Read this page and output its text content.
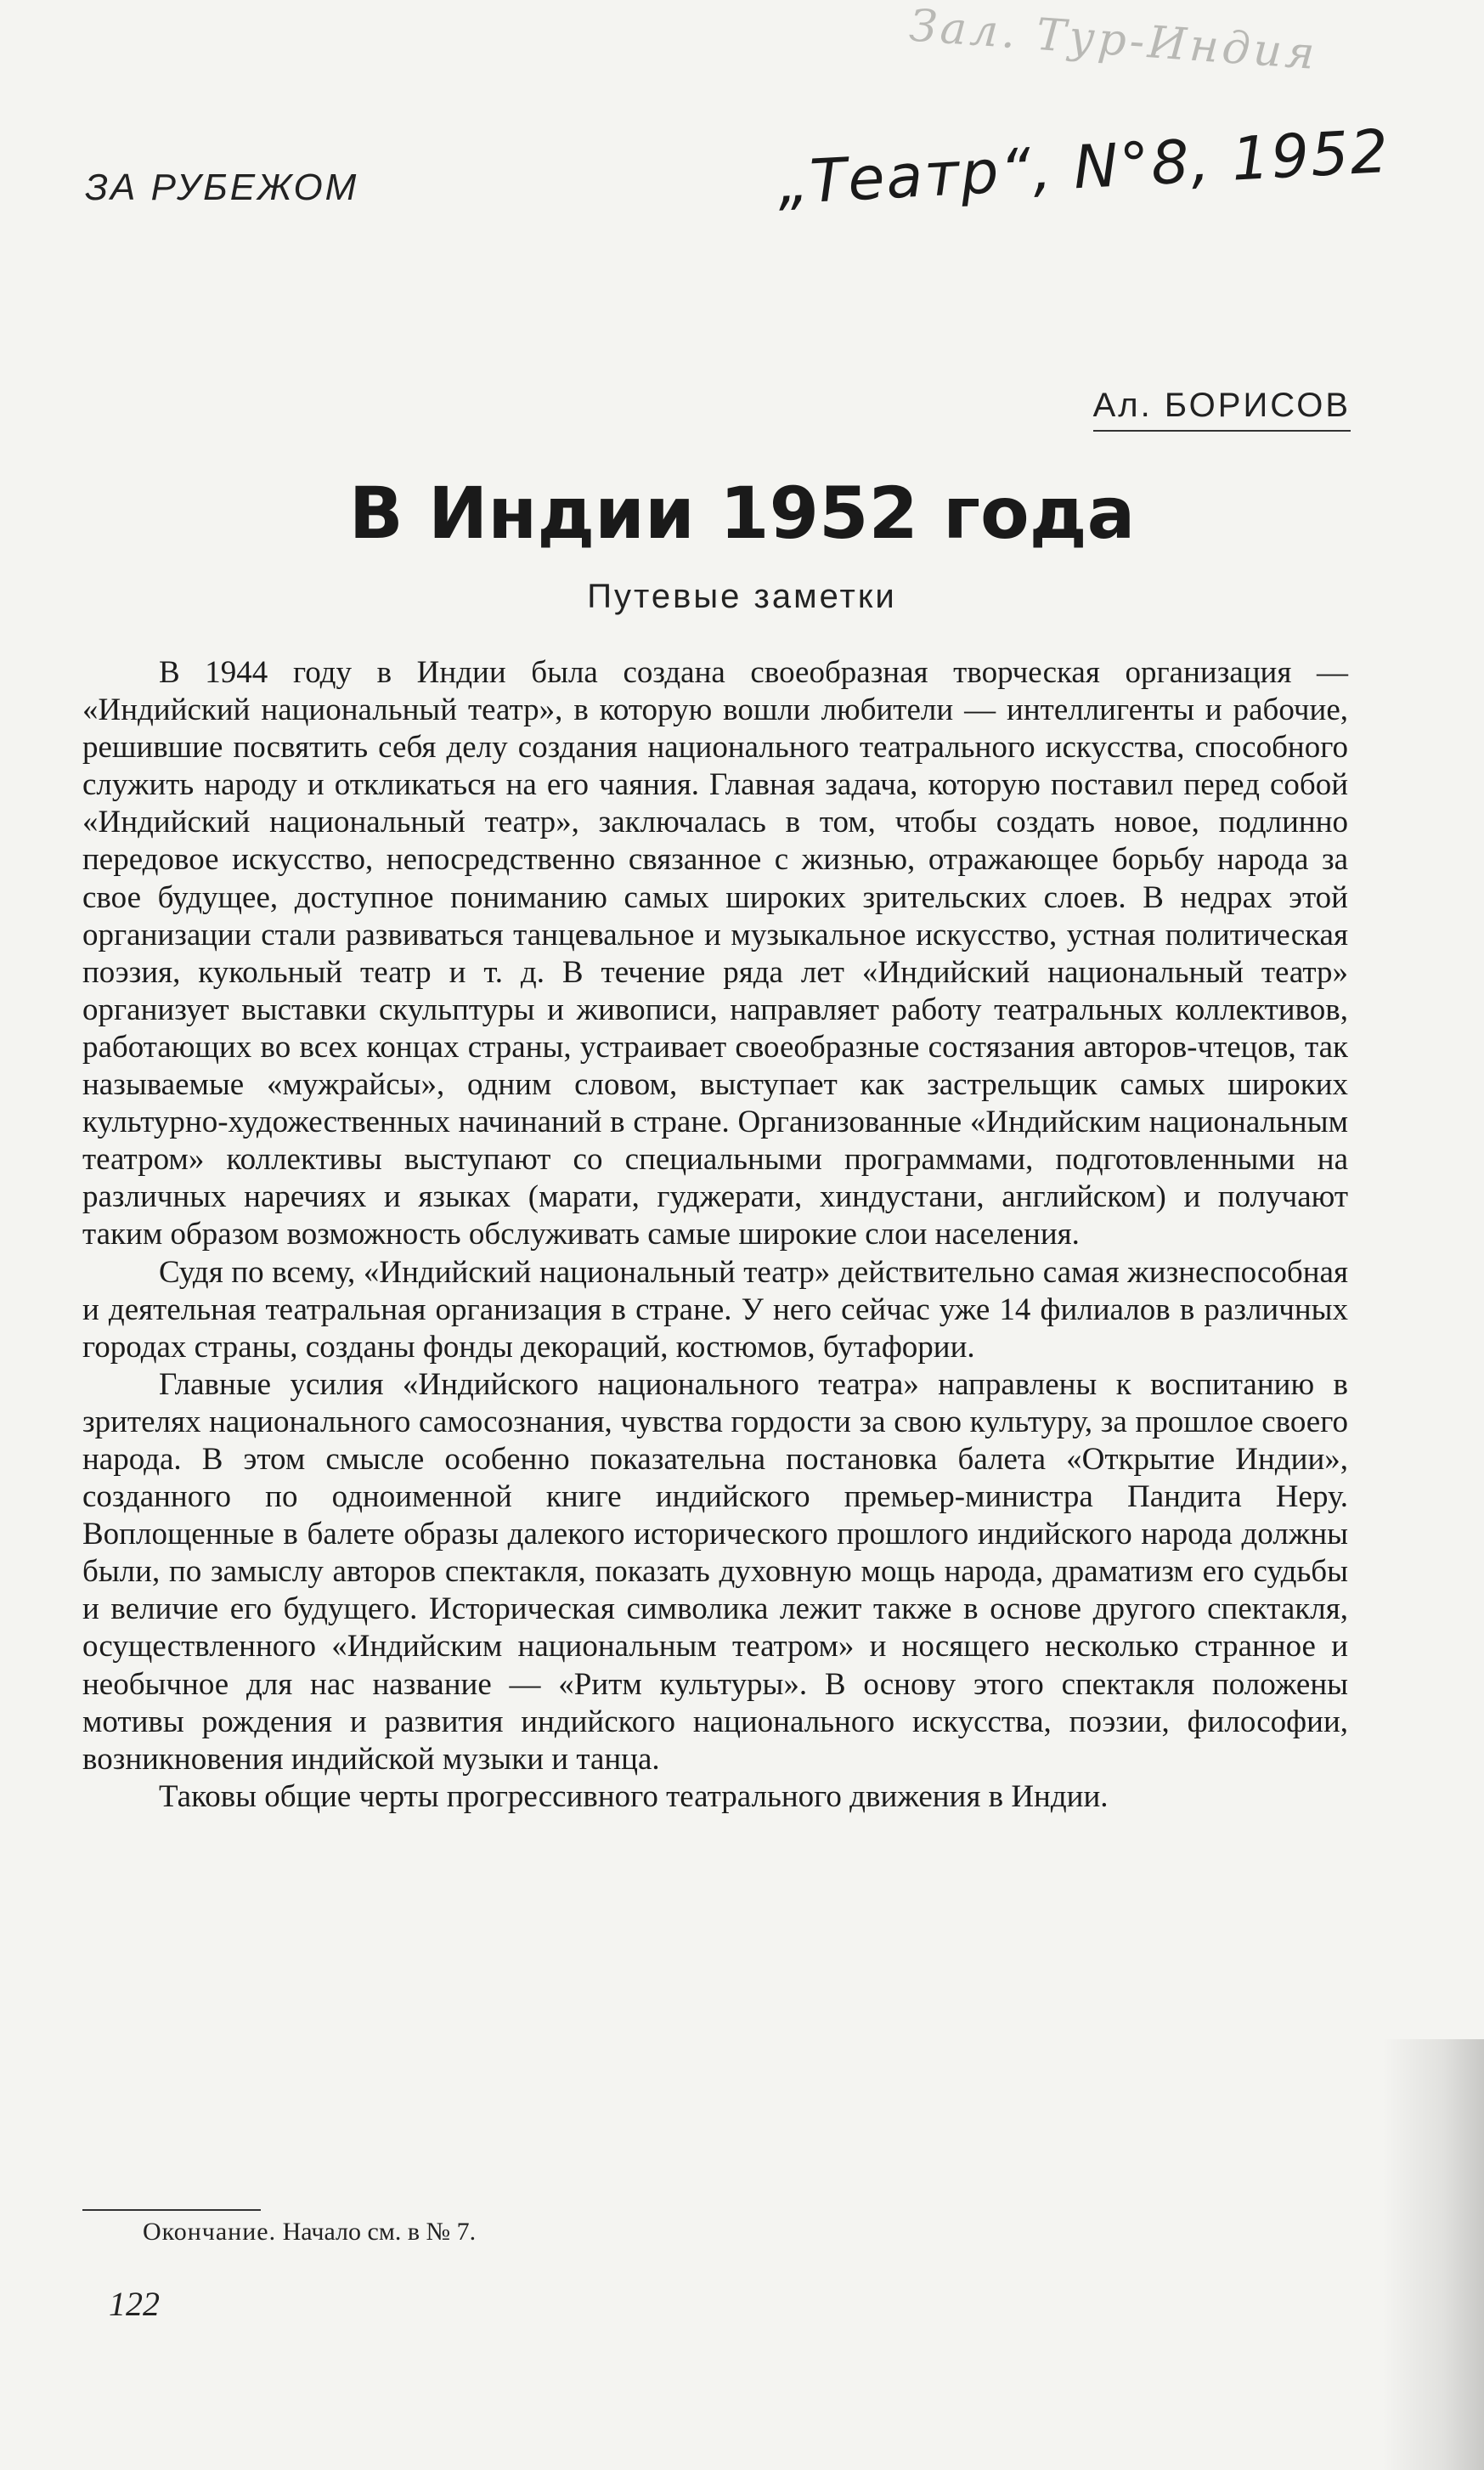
Зал. Тур-Индия
ЗА РУБЕЖОМ	„Театр“, N°8, 1952
Ал. БОРИСОВ
В Индии 1952 года
Путевые заметки

В 1944 году в Индии была создана своеобразная творческая организация — «Индийский национальный театр», в которую вошли любители — интеллигенты и рабочие, решившие посвятить себя делу создания национального театрального искусства, способного служить народу и откликаться на его чаяния. Главная задача, которую поставил перед собой «Индийский национальный театр», заключалась в том, чтобы создать новое, подлинно передовое искусство, непосредственно связанное с жизнью, отражающее борьбу народа за свое будущее, доступное пониманию самых широких зрительских слоев. В недрах этой организации стали развиваться танцевальное и музыкальное искусство, устная политическая поэзия, кукольный театр и т. д. В течение ряда лет «Индийский национальный театр» организует выставки скульптуры и живописи, направляет работу театральных коллективов, работающих во всех концах страны, устраивает своеобразные состязания авторов-чтецов, так называемые «мужрайсы», одним словом, выступает как застрельщик самых широких культурно-художественных начинаний в стране. Организованные «Индийским национальным театром» коллективы выступают со специальными программами, подготовленными на различных наречиях и языках (марати, гуджерати, хиндустани, английском) и получают таким образом возможность обслуживать самые широкие слои населения.

Судя по всему, «Индийский национальный театр» действительно самая жизнеспособная и деятельная театральная организация в стране. У него сейчас уже 14 филиалов в различных городах страны, созданы фонды декораций, костюмов, бутафории.

Главные усилия «Индийского национального театра» направлены к воспитанию в зрителях национального самосознания, чувства гордости за свою культуру, за прошлое своего народа. В этом смысле особенно показательна постановка балета «Открытие Индии», созданного по одноименной книге индийского премьер-министра Пандита Неру. Воплощенные в балете образы далекого исторического прошлого индийского народа должны были, по замыслу авторов спектакля, показать духовную мощь народа, драматизм его судьбы и величие его будущего. Историческая символика лежит также в основе другого спектакля, осуществленного «Индийским национальным театром» и носящего несколько странное и необычное для нас название — «Ритм культуры». В основу этого спектакля положены мотивы рождения и развития индийского национального искусства, поэзии, философии, возникновения индийской музыки и танца.

Таковы общие черты прогрессивного театрального движения в Индии.

Окончание. Начало см. в № 7.
122
